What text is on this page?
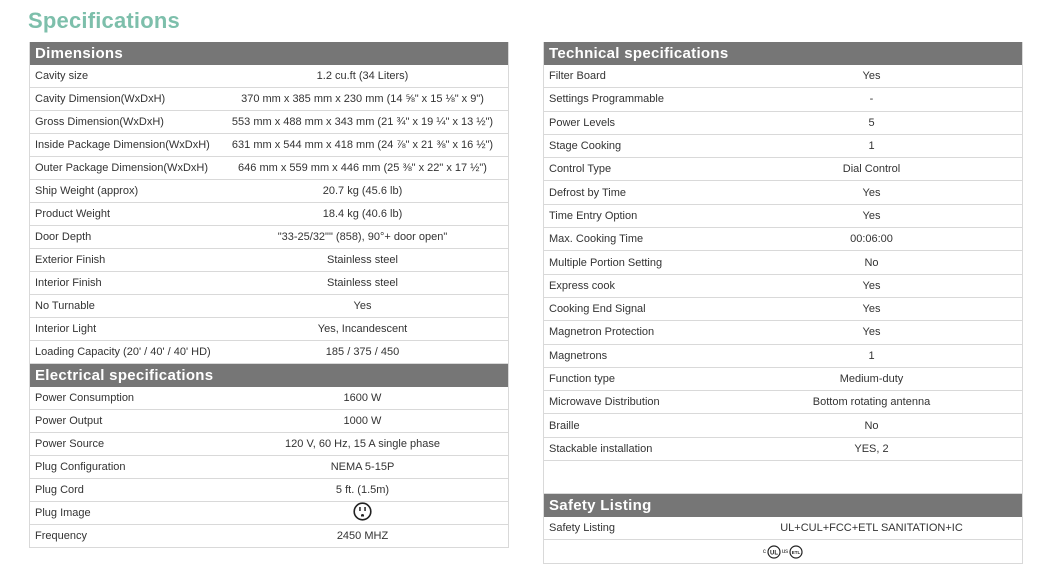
Specifications
Dimensions
Cavity size	1.2 cu.ft (34 Liters)
Cavity Dimension(WxDxH)	370 mm x 385 mm x 230 mm (14 ⅝" x 15 ⅛" x 9")
Gross Dimension(WxDxH)	553 mm x 488 mm x 343 mm (21 ¾" x 19 ¼" x 13 ½")
Inside Package Dimension(WxDxH)	631 mm x 544 mm x 418 mm (24 ⅞" x 21 ⅜" x 16 ½")
Outer Package Dimension(WxDxH)	646 mm x 559 mm x 446 mm (25 ⅜" x 22" x 17 ½")
Ship Weight (approx)	20.7 kg (45.6 lb)
Product Weight	18.4 kg (40.6 lb)
Door Depth	"33-25/32"" (858), 90°+ door open"
Exterior Finish	Stainless steel
Interior Finish	Stainless steel
No Turnable	Yes
Interior Light	Yes, Incandescent
Loading Capacity (20' / 40' / 40' HD)	185 / 375 / 450
Electrical specifications
Power Consumption	1600 W
Power Output	1000 W
Power Source	120 V, 60 Hz, 15 A single phase
Plug Configuration	NEMA 5-15P
Plug Cord	5 ft. (1.5m)
Plug Image
Frequency	2450 MHZ
Technical specifications
Filter Board	Yes
Settings Programmable	-
Power Levels	5
Stage Cooking	1
Control Type	Dial Control
Defrost by Time	Yes
Time Entry Option	Yes
Max. Cooking Time	00:06:00
Multiple Portion Setting	No
Express cook	Yes
Cooking End Signal	Yes
Magnetron Protection	Yes
Magnetrons	1
Function type	Medium-duty
Microwave Distribution	Bottom rotating antenna
Braille	No
Stackable installation	YES, 2
Safety Listing
Safety Listing	UL+CUL+FCC+ETL SANITATION+IC
c UL us ETL
